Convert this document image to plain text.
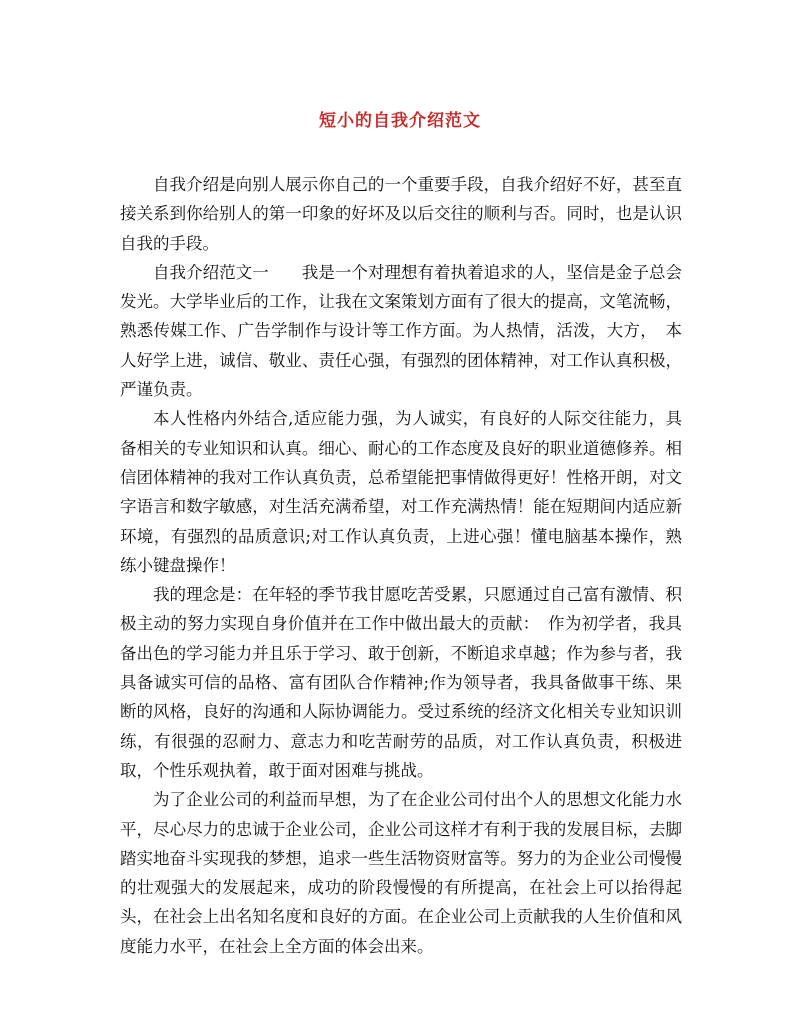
短小的自我介绍范文

自我介绍是向别人展示你自己的一个重要手段，自我介绍好不好，甚至直接关系到你给别人的第一印象的好坏及以后交往的顺利与否。同时，也是认识自我的手段。

自我介绍范文一　　我是一个对理想有着执着追求的人，坚信是金子总会发光。大学毕业后的工作，让我在文案策划方面有了很大的提高，文笔流畅，熟悉传媒工作、广告学制作与设计等工作方面。为人热情，活泼，大方，　本人好学上进，诚信、敬业、责任心强，有强烈的团体精神，对工作认真积极，严谨负责。

本人性格内外结合,适应能力强，为人诚实，有良好的人际交往能力，具备相关的专业知识和认真。细心、耐心的工作态度及良好的职业道德修养。相信团体精神的我对工作认真负责，总希望能把事情做得更好！性格开朗，对文字语言和数字敏感，对生活充满希望，对工作充满热情！能在短期间内适应新环境，有强烈的品质意识;对工作认真负责，上进心强！懂电脑基本操作，熟练小键盘操作！

我的理念是：在年轻的季节我甘愿吃苦受累，只愿通过自己富有激情、积极主动的努力实现自身价值并在工作中做出最大的贡献：　作为初学者，我具备出色的学习能力并且乐于学习、敢于创新，不断追求卓越；作为参与者，我具备诚实可信的品格、富有团队合作精神;作为领导者，我具备做事干练、果断的风格，良好的沟通和人际协调能力。受过系统的经济文化相关专业知识训练，有很强的忍耐力、意志力和吃苦耐劳的品质，对工作认真负责，积极进取，个性乐观执着，敢于面对困难与挑战。

为了企业公司的利益而早想，为了在企业公司付出个人的思想文化能力水平，尽心尽力的忠诚于企业公司，企业公司这样才有利于我的发展目标，去脚踏实地奋斗实现我的梦想，追求一些生活物资财富等。努力的为企业公司慢慢的壮观强大的发展起来，成功的阶段慢慢的有所提高，在社会上可以抬得起头，在社会上出名知名度和良好的方面。在企业公司上贡献我的人生价值和风度能力水平，在社会上全方面的体会出来。
